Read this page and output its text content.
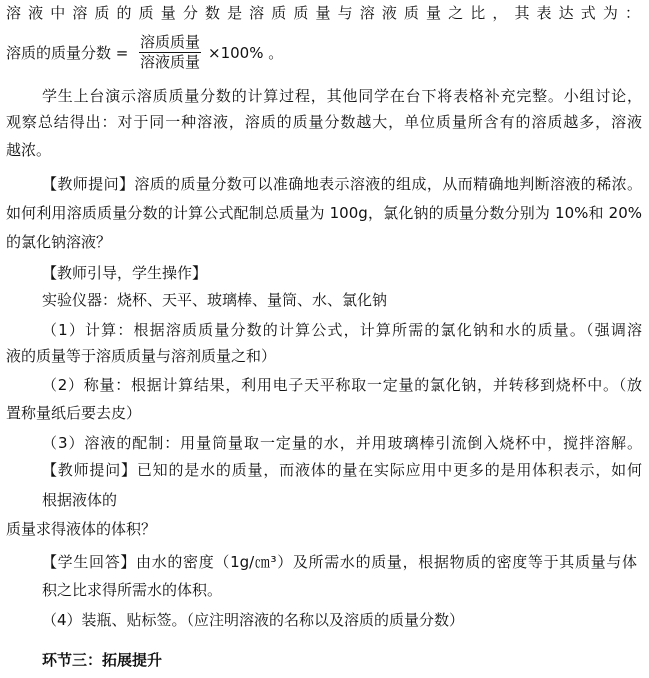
溶液中溶质的质量分数是溶质质量与溶液质量之比，其表达式为：
溶质的质量分数 =
溶质质量
溶液质量 ×100% 。
学生上台演示溶质质量分数的计算过程，其他同学在台下将表格补充完整。小组讨论，
观察总结得出：对于同一种溶液，溶质的质量分数越大，单位质量所含有的溶质越多，溶液
越浓。
【教师提问】溶质的质量分数可以准确地表示溶液的组成，从而精确地判断溶液的稀浓。
如何利用溶质质量分数的计算公式配制总质量为 100g，氯化钠的质量分数分别为 10%和 20%
的氯化钠溶液？
【教师引导，学生操作】
实验仪器：烧杯、天平、玻璃棒、量筒、水、氯化钠
（1）计算：根据溶质质量分数的计算公式，计算所需的氯化钠和水的质量。（强调溶
液的质量等于溶质质量与溶剂质量之和）
（2）称量：根据计算结果，利用电子天平称取一定量的氯化钠，并转移到烧杯中。（放
置称量纸后要去皮）
（3）溶液的配制：用量筒量取一定量的水，并用玻璃棒引流倒入烧杯中，搅拌溶解。
【教师提问】已知的是水的质量，而液体的量在实际应用中更多的是用体积表示，如何
根据液体的
质量求得液体的体积？
【学生回答】由水的密度（1g/㎝³）及所需水的质量，根据物质的密度等于其质量与体
积之比求得所需水的体积。
（4）装瓶、贴标签。（应注明溶液的名称以及溶质的质量分数）
环节三：拓展提升
